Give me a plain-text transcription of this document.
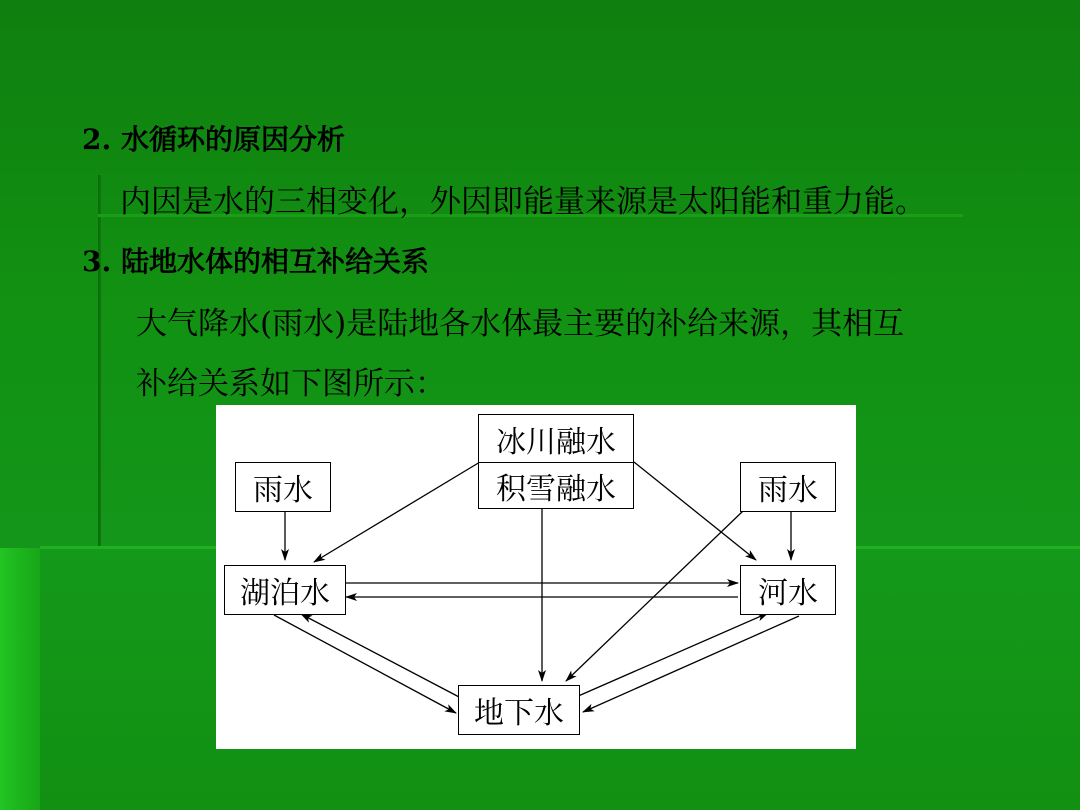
2. 水循环的原因分析
内因是水的三相变化，外因即能量来源是太阳能和重力能。
3. 陆地水体的相互补给关系
大气降水(雨水)是陆地各水体最主要的补给来源，其相互
补给关系如下图所示：
冰川融水
积雪融水
雨水	雨水
湖泊水	河水
地下水
